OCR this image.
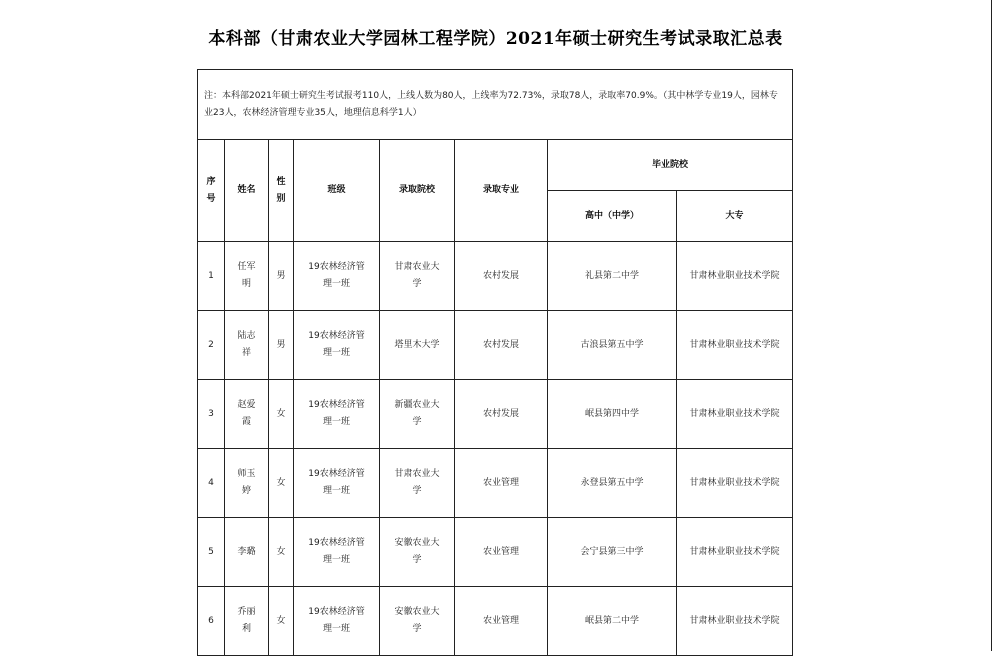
本科部（甘肃农业大学园林工程学院）2021年硕士研究生考试录取汇总表
注：本科部2021年硕士研究生考试报考110人，上线人数为80人，上线率为72.73%，录取78人，录取率70.9%。（其中林学专业19人，园林专业23人，农林经济管理专业35人，地理信息科学1人）							

序号	姓名	性别	班级	录取院校	录取专业	毕业院校	
						高中（中学）	大专

1	任军明	男	19农林经济管理一班	甘肃农业大学	农村发展	礼县第二中学	甘肃林业职业技术学院

2	陆志祥	男	19农林经济管理一班	塔里木大学	农村发展	古浪县第五中学	甘肃林业职业技术学院

3	赵爱霞	女	19农林经济管理一班	新疆农业大学	农村发展	岷县第四中学	甘肃林业职业技术学院

4	师玉婷	女	19农林经济管理一班	甘肃农业大学	农业管理	永登县第五中学	甘肃林业职业技术学院

5	李璐	女	19农林经济管理一班	安徽农业大学	农业管理	会宁县第三中学	甘肃林业职业技术学院

6	乔丽利	女	19农林经济管理一班	安徽农业大学	农业管理	岷县第二中学	甘肃林业职业技术学院
